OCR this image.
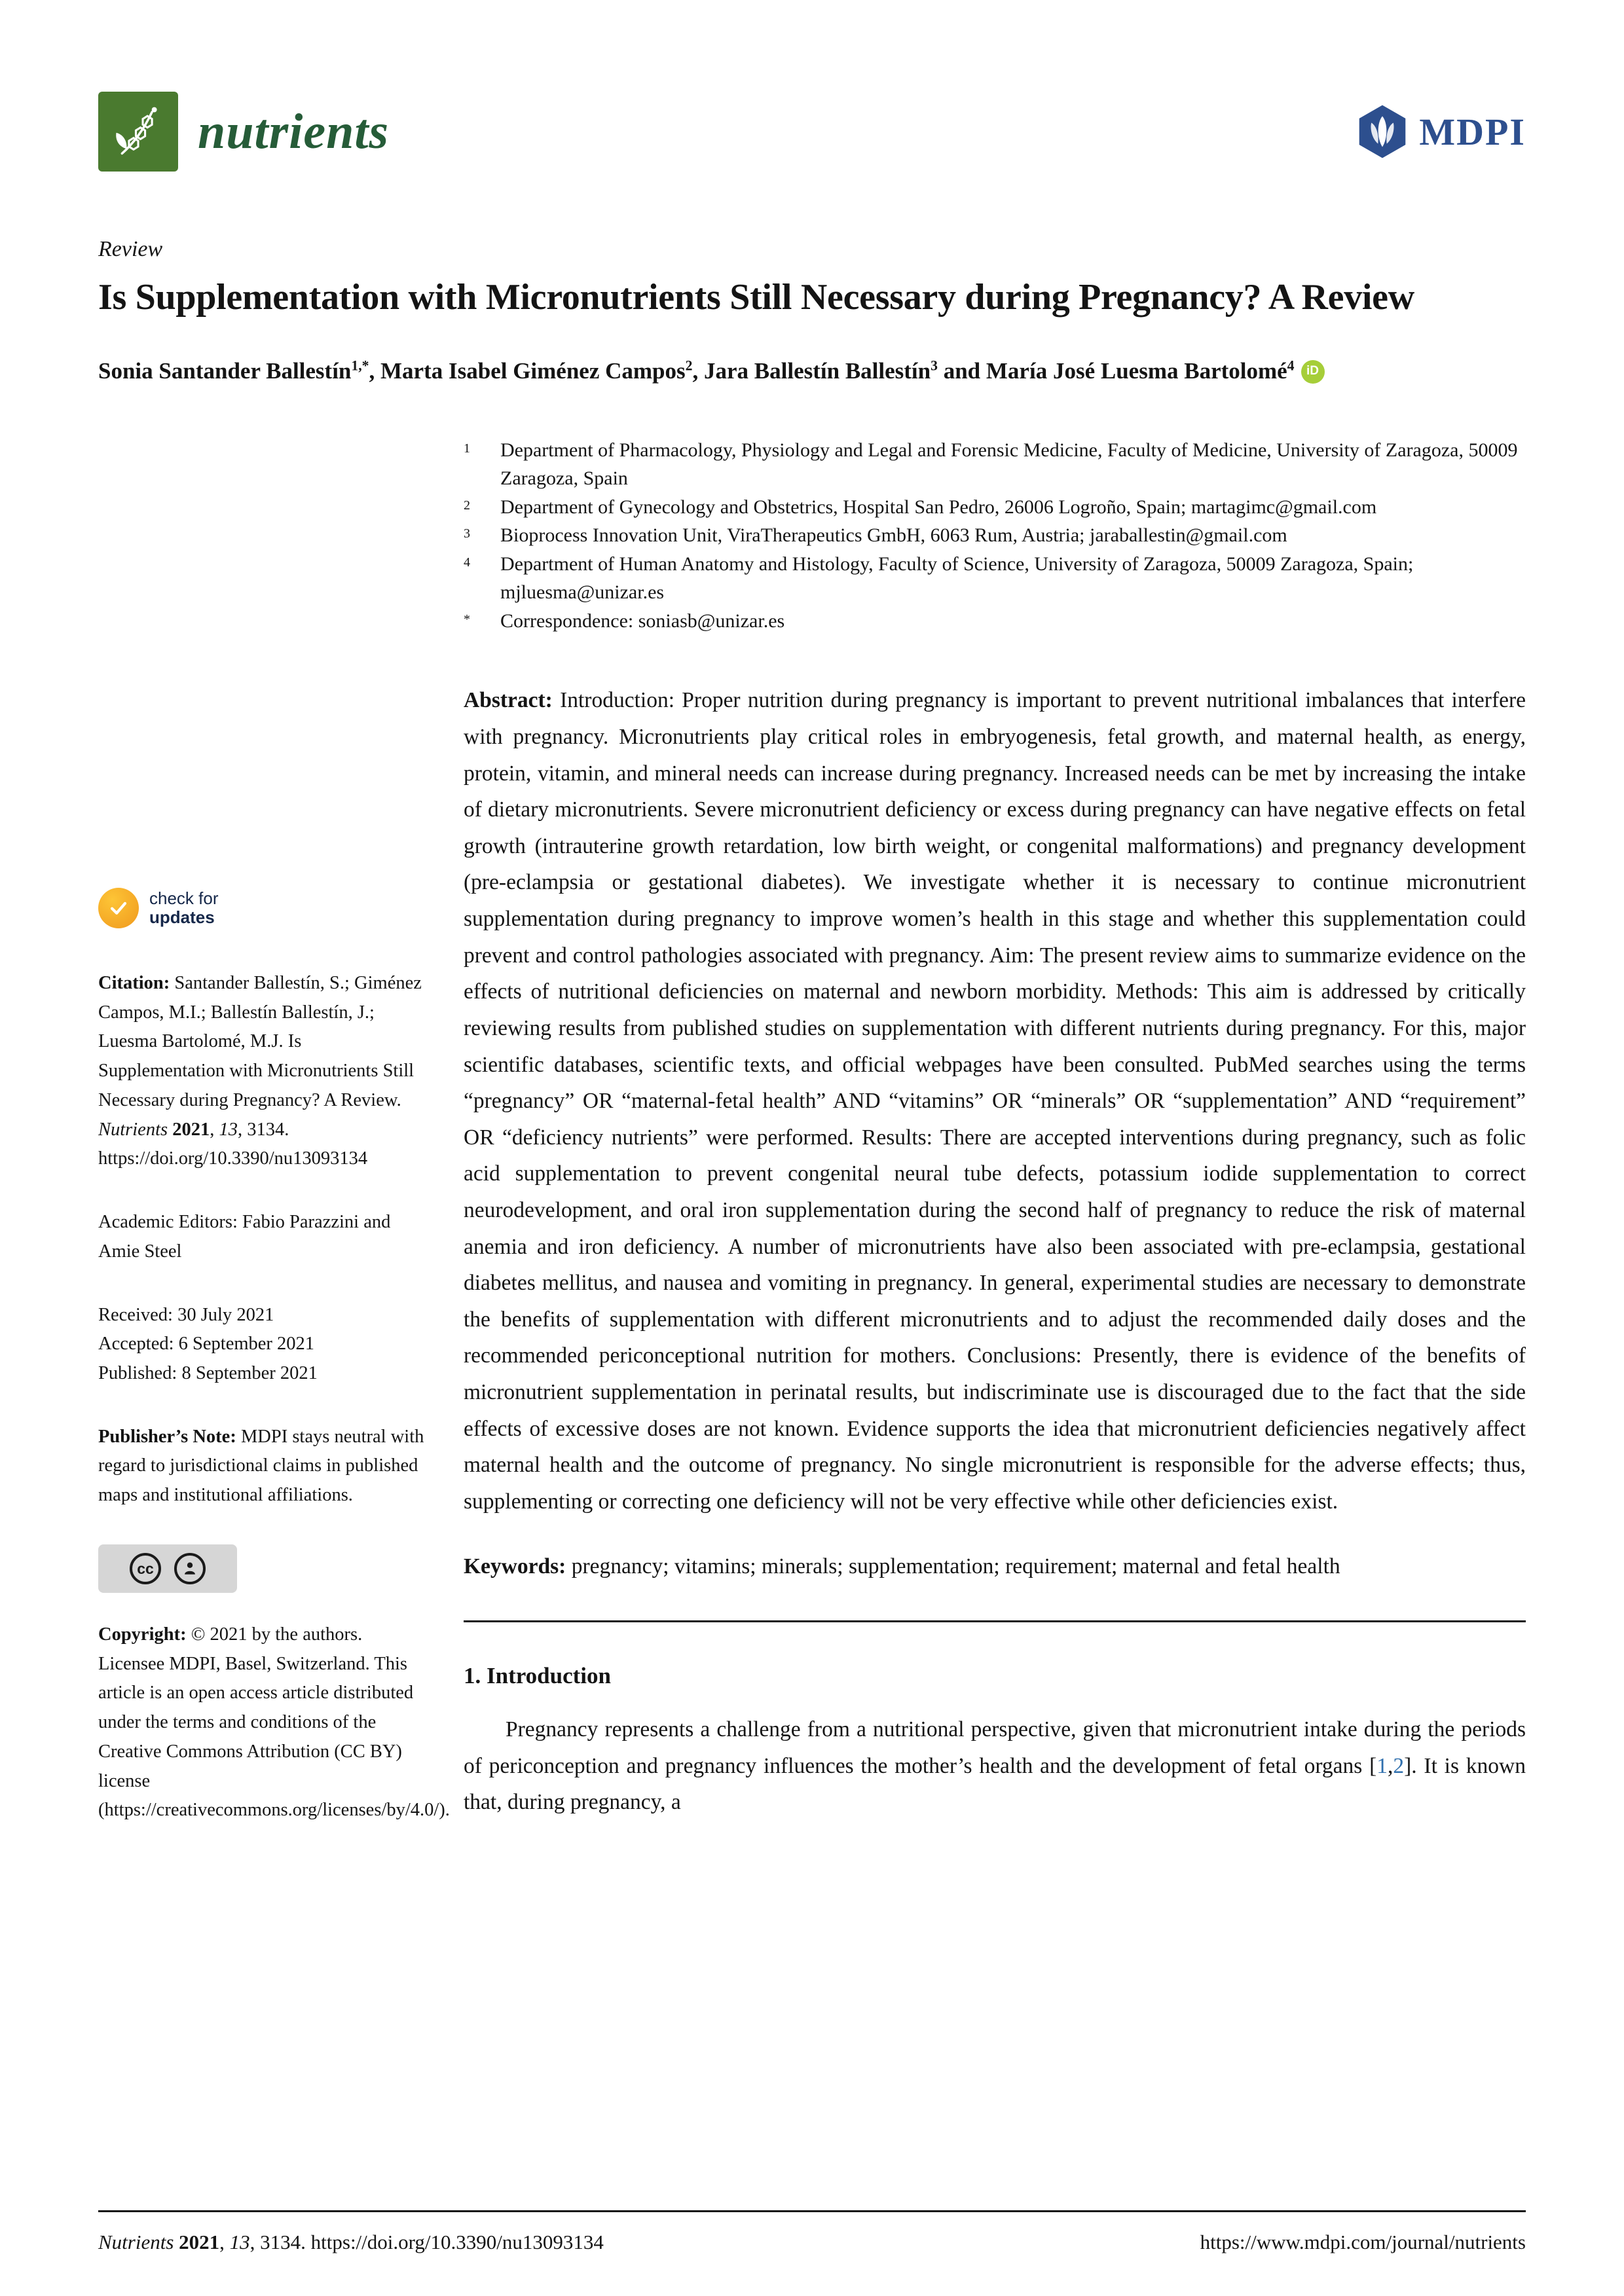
nutrients	MDPI
Review
Is Supplementation with Micronutrients Still Necessary during Pregnancy? A Review

Sonia Santander Ballestín$^{1,*}$, Marta Isabel Giménez Campos$^2$, Jara Ballestín Ballestín$^3$ and María José Luesma Bartolomé$^4$ iD

check for
updates

Citation: Santander Ballestín, S.; Giménez Campos, M.I.; Ballestín Ballestín, J.; Luesma Bartolomé, M.J. Is Supplementation with Micronutrients Still Necessary during Pregnancy? A Review. Nutrients 2021, 13, 3134. https://doi.org/10.3390/nu13093134

Academic Editors: Fabio Parazzini and Amie Steel

Received: 30 July 2021
Accepted: 6 September 2021
Published: 8 September 2021

Publisher’s Note: MDPI stays neutral with regard to jurisdictional claims in published maps and institutional affiliations.

cc

Copyright: © 2021 by the authors. Licensee MDPI, Basel, Switzerland. This article is an open access article distributed under the terms and conditions of the Creative Commons Attribution (CC BY) license (https://creativecommons.org/licenses/by/4.0/).

1	Department of Pharmacology, Physiology and Legal and Forensic Medicine, Faculty of Medicine, University of Zaragoza, 50009 Zaragoza, Spain
2	Department of Gynecology and Obstetrics, Hospital San Pedro, 26006 Logroño, Spain; martagimc@gmail.com
3	Bioprocess Innovation Unit, ViraTherapeutics GmbH, 6063 Rum, Austria; jaraballestin@gmail.com
4	Department of Human Anatomy and Histology, Faculty of Science, University of Zaragoza, 50009 Zaragoza, Spain; mjluesma@unizar.es
*	Correspondence: soniasb@unizar.es

Abstract: Introduction: Proper nutrition during pregnancy is important to prevent nutritional imbalances that interfere with pregnancy. Micronutrients play critical roles in embryogenesis, fetal growth, and maternal health, as energy, protein, vitamin, and mineral needs can increase during pregnancy. Increased needs can be met by increasing the intake of dietary micronutrients. Severe micronutrient deficiency or excess during pregnancy can have negative effects on fetal growth (intrauterine growth retardation, low birth weight, or congenital malformations) and pregnancy development (pre-eclampsia or gestational diabetes). We investigate whether it is necessary to continue micronutrient supplementation during pregnancy to improve women’s health in this stage and whether this supplementation could prevent and control pathologies associated with pregnancy. Aim: The present review aims to summarize evidence on the effects of nutritional deficiencies on maternal and newborn morbidity. Methods: This aim is addressed by critically reviewing results from published studies on supplementation with different nutrients during pregnancy. For this, major scientific databases, scientific texts, and official webpages have been consulted. PubMed searches using the terms “pregnancy” OR “maternal-fetal health” AND “vitamins” OR “minerals” OR “supplementation” AND “requirement” OR “deficiency nutrients” were performed. Results: There are accepted interventions during pregnancy, such as folic acid supplementation to prevent congenital neural tube defects, potassium iodide supplementation to correct neurodevelopment, and oral iron supplementation during the second half of pregnancy to reduce the risk of maternal anemia and iron deficiency. A number of micronutrients have also been associated with pre-eclampsia, gestational diabetes mellitus, and nausea and vomiting in pregnancy. In general, experimental studies are necessary to demonstrate the benefits of supplementation with different micronutrients and to adjust the recommended daily doses and the recommended periconceptional nutrition for mothers. Conclusions: Presently, there is evidence of the benefits of micronutrient supplementation in perinatal results, but indiscriminate use is discouraged due to the fact that the side effects of excessive doses are not known. Evidence supports the idea that micronutrient deficiencies negatively affect maternal health and the outcome of pregnancy. No single micronutrient is responsible for the adverse effects; thus, supplementing or correcting one deficiency will not be very effective while other deficiencies exist.

Keywords: pregnancy; vitamins; minerals; supplementation; requirement; maternal and fetal health

1. Introduction

Pregnancy represents a challenge from a nutritional perspective, given that micronutrient intake during the periods of periconception and pregnancy influences the mother’s health and the development of fetal organs [1,2]. It is known that, during pregnancy, a

Nutrients 2021, 13, 3134. https://doi.org/10.3390/nu13093134	https://www.mdpi.com/journal/nutrients
